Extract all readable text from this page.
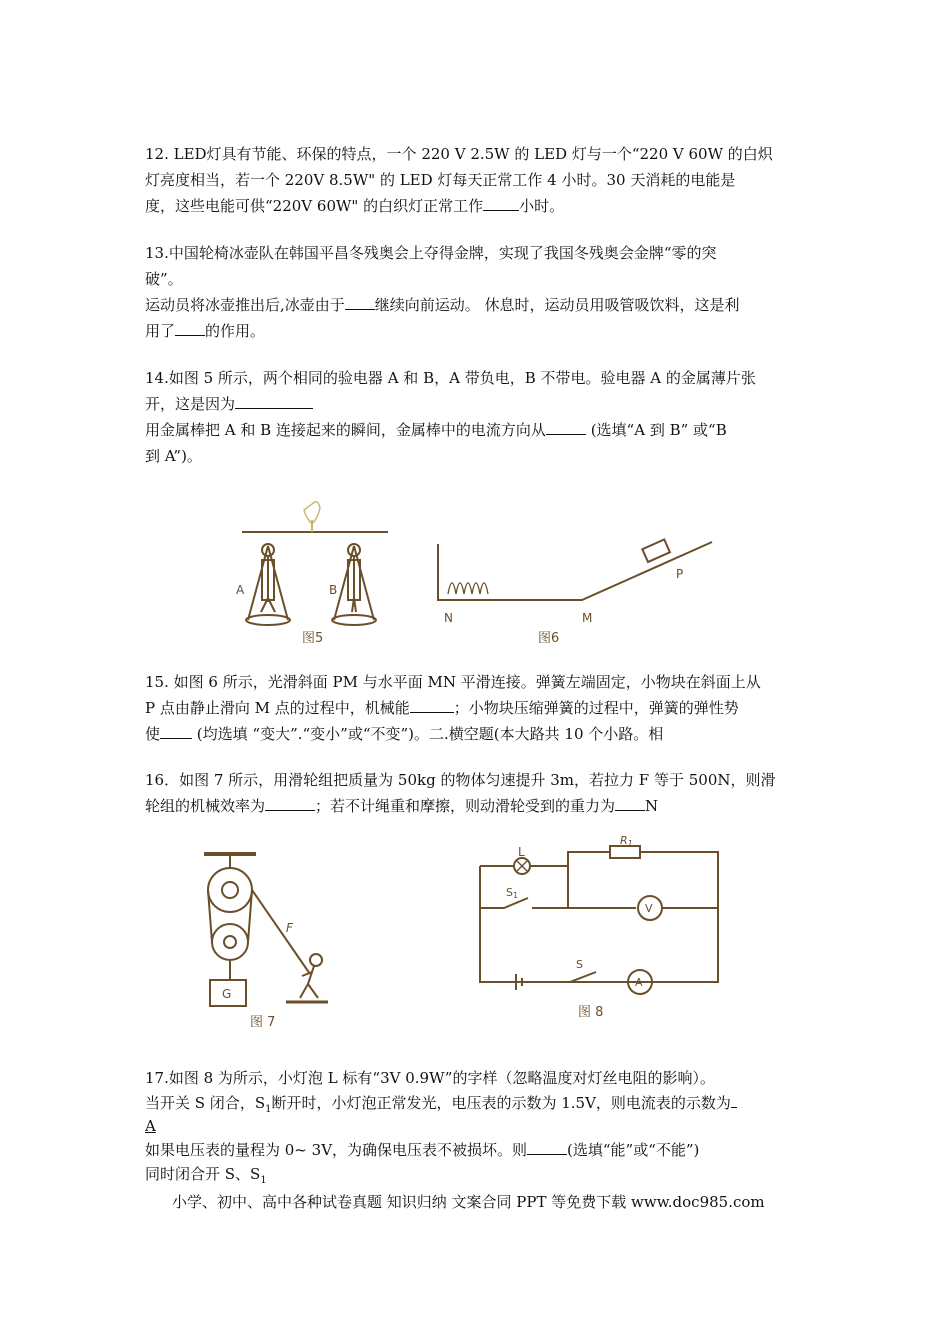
12. LED灯具有节能、环保的特点，一个 220 V 2.5W 的 LED 灯与一个“220 V 60W 的白炽
灯亮度相当，若一个 220V 8.5W" 的 LED 灯每天正常工作 4 小时。30 天消耗的电能是
度，这些电能可供“220V 60W" 的白织灯正常工作 小时。
13.中国轮椅冰壶队在韩国平昌冬残奥会上夺得金牌，实现了我国冬残奥会金牌“零的突
破”。
运动员将冰壶推出后,冰壶由于 继续向前运动。 休息时，运动员用吸管吸饮料，这是利
用了 的作用。
14.如图 5 所示，两个相同的验电器 A 和 B，A 带负电，B 不带电。验电器 A 的金属薄片张
开，这是因为
用金属棒把 A 和 B 连接起来的瞬间，金属棒中的电流方向从	(选填“A 到 B” 或“B
到 A”)。
A	B
图5
N	M
P
图6
15. 如图 6 所示，光滑斜面 PM 与水平面 MN 平滑连接。弹簧左端固定，小物块在斜面上从
P 点由静止滑向 M 点的过程中，机械能	；小物块压缩弹簧的过程中，弹簧的弹性势
使 (均选填 “变大”.“变小”或“不变”)。二.横空题(本大路共 10 个小路。相
16．如图 7 所示，用滑轮组把质量为 50kg 的物体匀速提升 3m，若拉力 F 等于 500N，则滑
轮组的机械效率为	；若不计绳重和摩擦，则动滑轮受到的重力为 N
G
F
图 7
L
R1
S1
S
V
A
图 8
17.如图 8 为所示，小灯泡 L 标有“3V 0.9W”的字样（忽略温度对灯丝电阻的影响）。
当开关 S 闭合，$S_1$断开时，小灯泡正常发光，电压表的示数为 1.5V，则电流表的示数为
A
如果电压表的量程为 0~ 3V，为确保电压表不被损坏。则	(选填“能”或“不能”)
同时闭合开 S、$S_1$
小学、初中、高中各种试卷真题 知识归纳 文案合同 PPT 等免费下载 www.doc985.com
